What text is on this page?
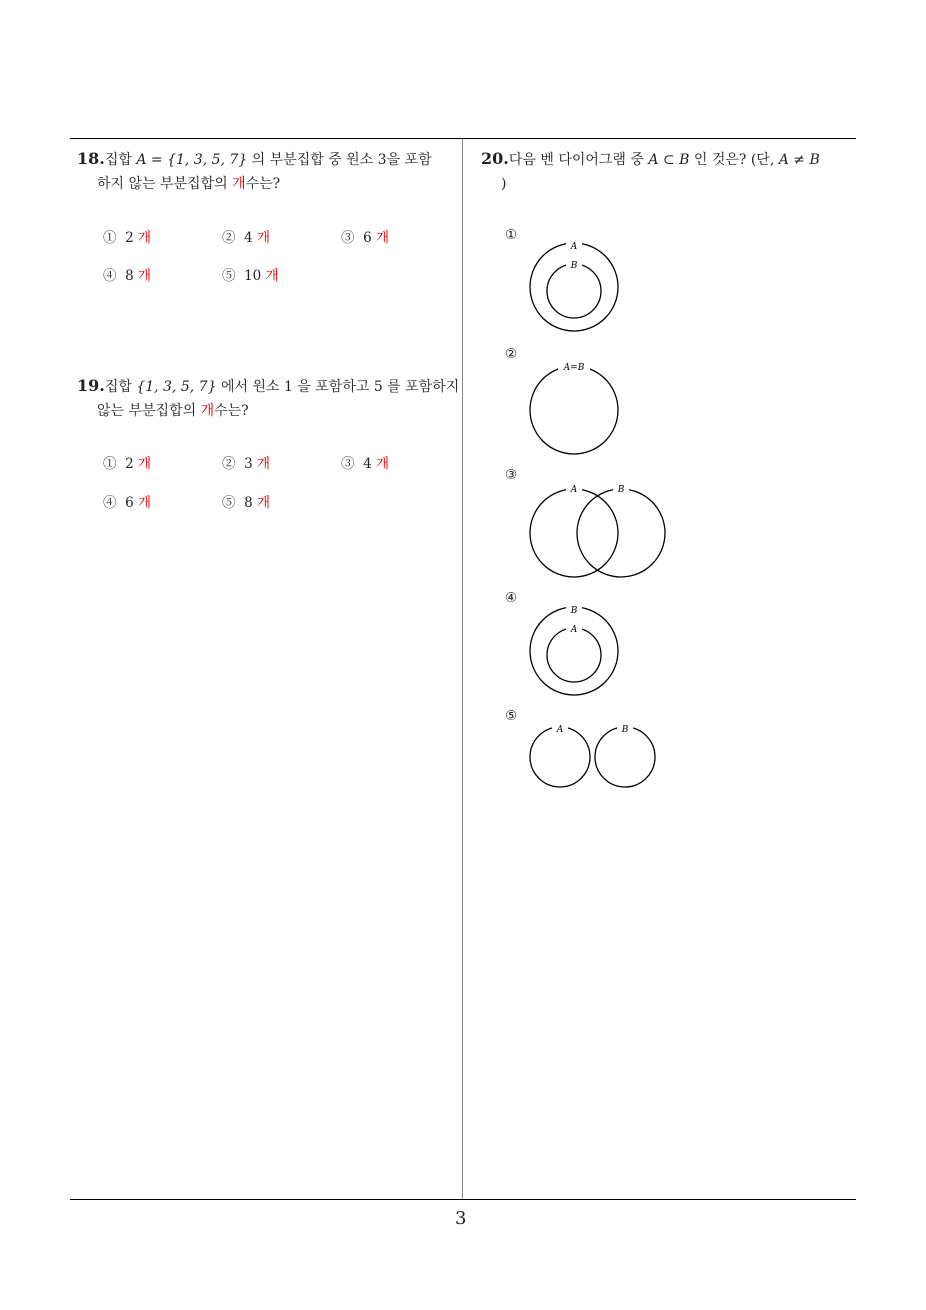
18.집합 A = {1, 3, 5, 7} 의 부분집합 중 원소 3을 포함
하지 않는 부분집합의 개수는?
① 2 개	② 4 개	③ 6 개
④ 8 개	⑤ 10 개
19.집합 {1, 3, 5, 7} 에서 원소 1 을 포함하고 5 를 포함하지
않는 부분집합의 개수는?
① 2 개	② 3 개	③ 4 개
④ 6 개	⑤ 8 개
20.다음 벤 다이어그램 중 A ⊂ B 인 것은? (단, A ≠ B
)
①
②
③
④
⑤
A
B
A=B
A	B
B
A
A	B
3
